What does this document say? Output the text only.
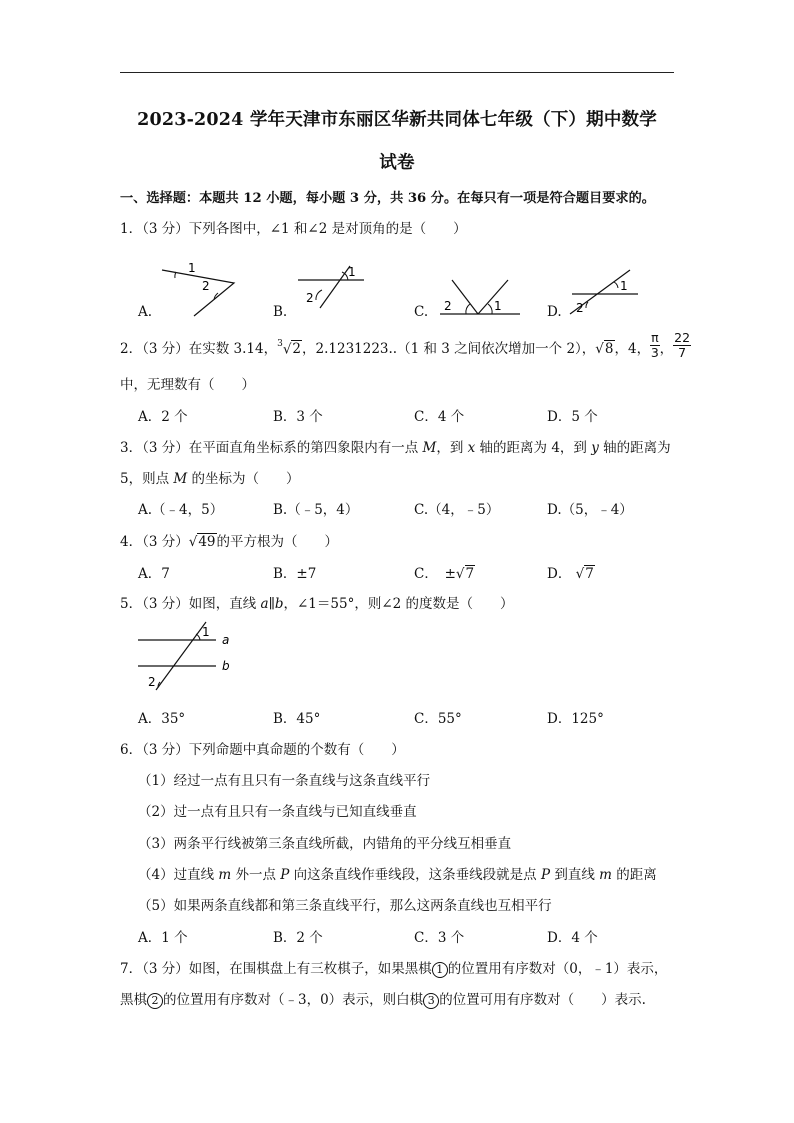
2023-2024 学年天津市东丽区华新共同体七年级（下）期中数学
试卷
一、选择题：本题共 12 小题，每小题 3 分，共 36 分。在每只有一项是符合题目要求的。
1．（3 分）下列各图中，∠1 和∠2 是对顶角的是（　　）
1
2
A.
1
2
B.	2	1
C.
1
2
D.
2．（3 分）在实数 3.14，$^3$√2，2.1231223..（1 和 3 之间依次增加一个 2），√8，4， $\frac{\pi}{3}$ ， $\frac{22}{7}$
中，无理数有（　　）
A．2 个	B．3 个	C．4 个	D．5 个
3．（3 分）在平面直角坐标系的第四象限内有一点 M，到 x 轴的距离为 4，到 y 轴的距离为
5，则点 M 的坐标为（　　）
A.（﹣4，5）	B.（﹣5，4）	C.（4，﹣5）	D.（5，﹣4）
4．（3 分）√49的平方根为（　　）
A．7	B．±7	C．　±√7	D． √7
5．（3 分）如图，直线 a∥b，∠1＝55°，则∠2 的度数是（　　）
1
a
b
2
A．35°	B．45°	C．55°	D．125°
6．（3 分）下列命题中真命题的个数有（　　）
（1）经过一点有且只有一条直线与这条直线平行
（2）过一点有且只有一条直线与已知直线垂直
（3）两条平行线被第三条直线所截，内错角的平分线互相垂直
（4）过直线 m 外一点 P 向这条直线作垂线段，这条垂线段就是点 P 到直线 m 的距离
（5）如果两条直线都和第三条直线平行，那么这两条直线也互相平行
A．1 个	B．2 个	C．3 个	D．4 个
7．（3 分）如图，在围棋盘上有三枚棋子，如果黑棋 1 的位置用有序数对（0，﹣1）表示，
黑棋 2 的位置用有序数对（﹣3，0）表示，则白棋 3 的位置可用有序数对（　　）表示.
